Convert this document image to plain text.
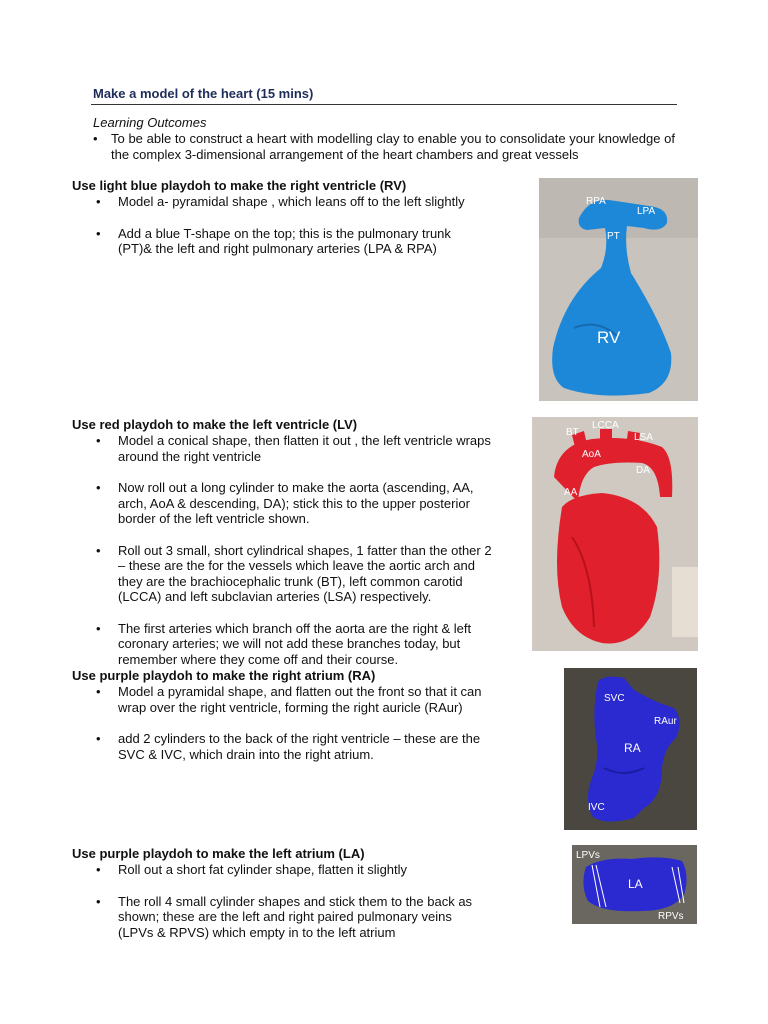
Make a model of the heart (15 mins)
Learning Outcomes
• To be able to construct a heart with modelling clay to enable you to consolidate your knowledge of the complex 3-dimensional arrangement of the heart chambers and great vessels
Use light blue playdoh to make the right ventricle (RV)
• Model a- pyramidal shape , which leans off to the left slightly
• Add a blue T-shape on the top; this is the pulmonary trunk (PT)& the left and right pulmonary arteries (LPA & RPA)
RPA
LPA
PT
RV
Use red playdoh to make the left ventricle (LV)
• Model a conical shape, then flatten it out , the left ventricle wraps around the right ventricle
• Now roll out a long cylinder to make the aorta (ascending, AA, arch, AoA & descending, DA); stick this to the upper posterior border of the left ventricle shown.
• Roll out 3 small, short cylindrical shapes, 1 fatter than the other 2 – these are the for the vessels which leave the aortic arch and they are the brachiocephalic trunk (BT), left common carotid (LCCA) and left subclavian arteries (LSA) respectively.
• The first arteries which branch off the aorta are the right & left coronary arteries; we will not add these branches today, but remember where they come off and their course.
BT
LCCA
LSA
AoA
DA
AA
Use purple playdoh to make the right atrium (RA)
• Model a pyramidal shape, and flatten out the front so that it can wrap over the right ventricle, forming the right auricle (RAur)
• add 2 cylinders to the back of the right ventricle – these are the SVC & IVC, which drain into the right atrium.
SVC
RAur
RA
IVC
Use purple playdoh to make the left atrium (LA)
• Roll out a short fat cylinder shape, flatten it slightly
• The roll 4 small cylinder shapes and stick them to the back as shown; these are the left and right paired pulmonary veins (LPVs & RPVS) which empty in to the left atrium
LPVs
LA
RPVs
